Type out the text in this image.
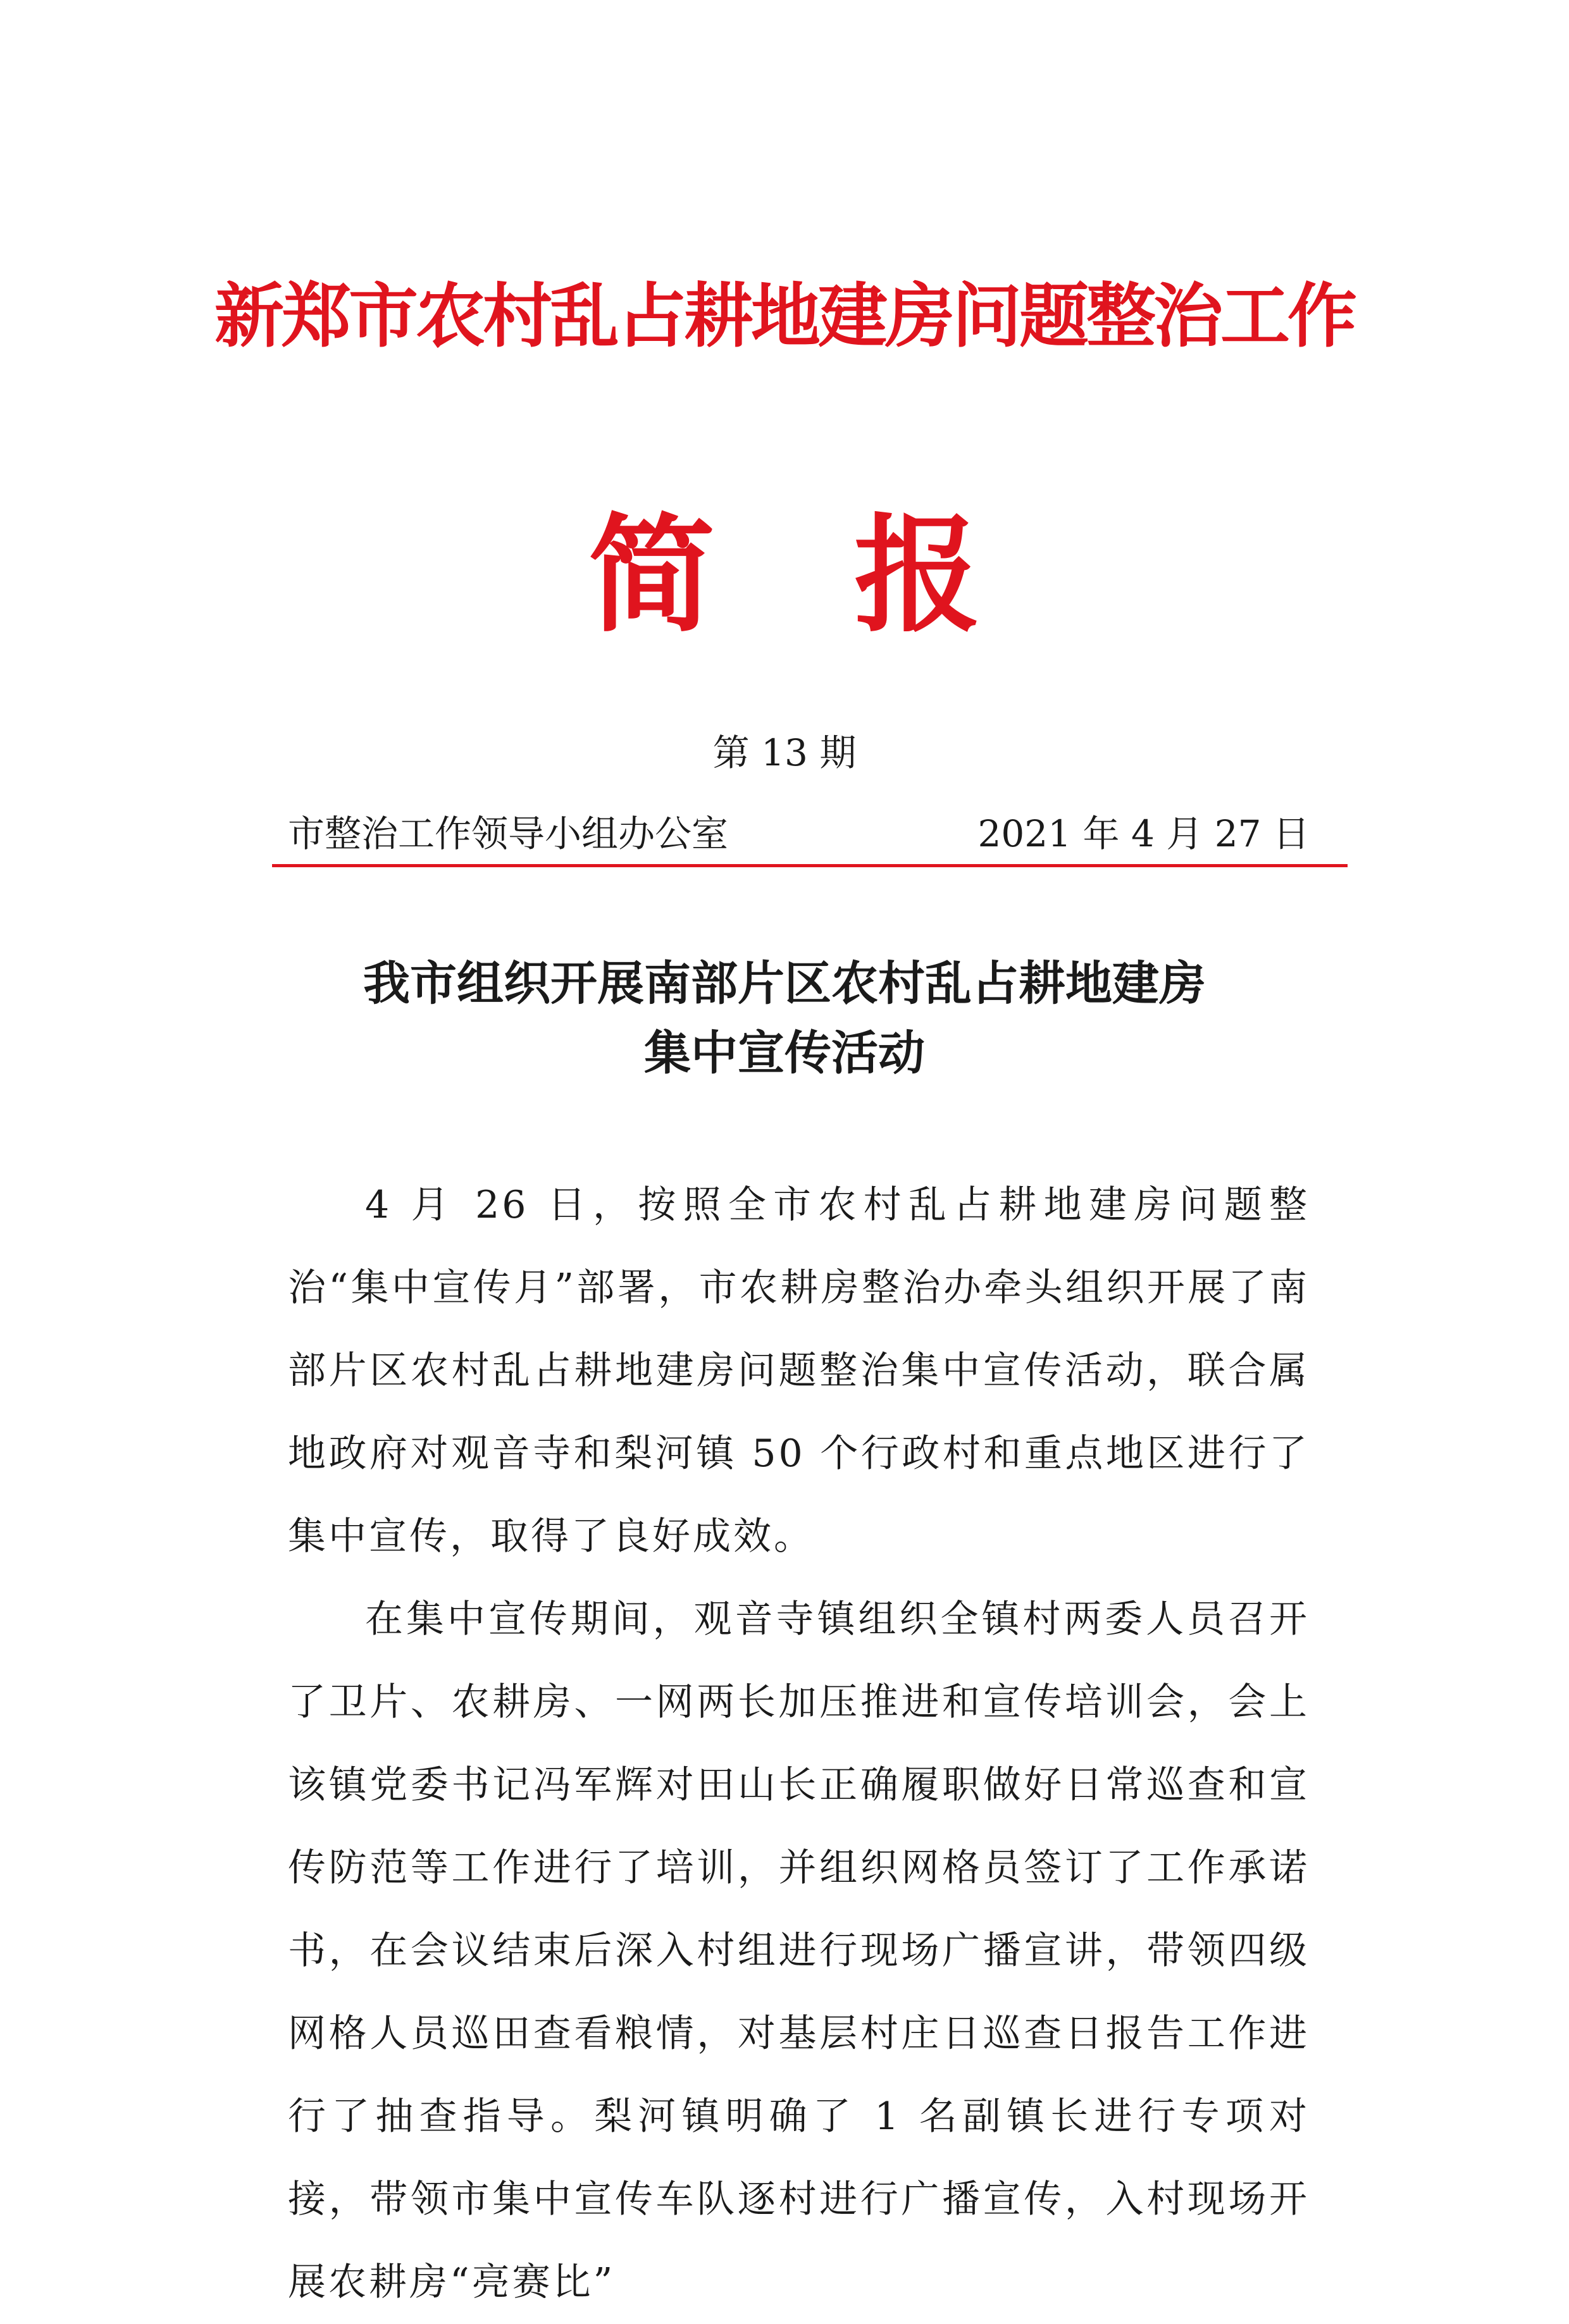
新郑市农村乱占耕地建房问题整治工作
简报
第 13 期
市整治工作领导小组办公室	2021 年 4 月 27 日
我市组织开展南部片区农村乱占耕地建房
集中宣传活动

4 月 26 日，按照全市农村乱占耕地建房问题整治“集中宣传月”部署，市农耕房整治办牵头组织开展了南部片区农村乱占耕地建房问题整治集中宣传活动，联合属地政府对观音寺和梨河镇 50 个行政村和重点地区进行了集中宣传，取得了良好成效。

在集中宣传期间，观音寺镇组织全镇村两委人员召开了卫片、农耕房、一网两长加压推进和宣传培训会，会上该镇党委书记冯军辉对田山长正确履职做好日常巡查和宣传防范等工作进行了培训，并组织网格员签订了工作承诺书，在会议结束后深入村组进行现场广播宣讲，带领四级网格人员巡田查看粮情，对基层村庄日巡查日报告工作进行了抽查指导。梨河镇明确了 1 名副镇长进行专项对接，带领市集中宣传车队逐村进行广播宣传，入村现场开展农耕房“亮赛比”
